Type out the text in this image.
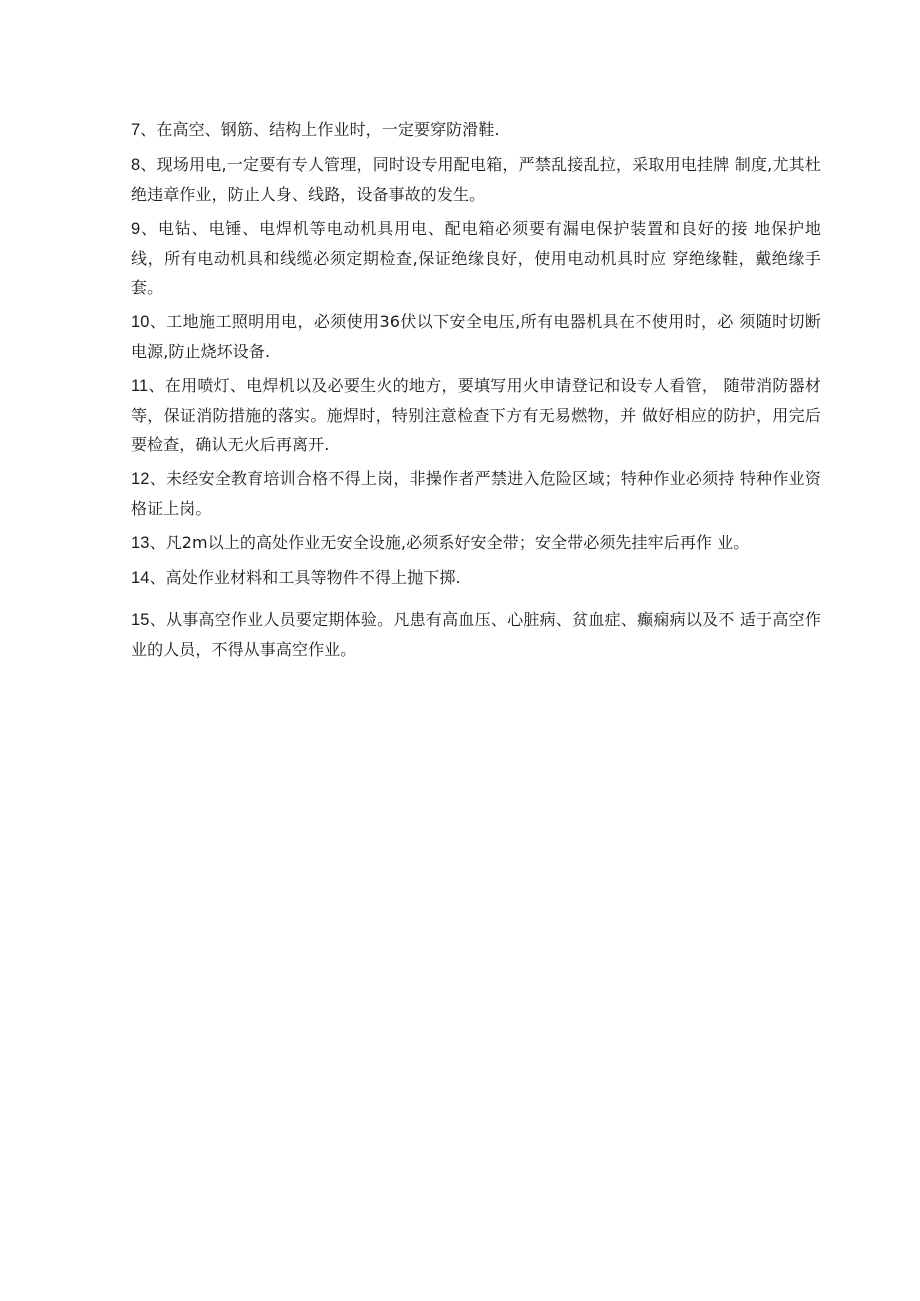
7、在高空、钢筋、结构上作业时，一定要穿防滑鞋.

8、现场用电,一定要有专人管理，同时设专用配电箱，严禁乱接乱拉，采取用电挂牌 制度,尤其杜绝违章作业，防止人身、线路，设备事故的发生。

9、电钻、电锤、电焊机等电动机具用电、配电箱必须要有漏电保护装置和良好的接 地保护地线，所有电动机具和线缆必须定期检查,保证绝缘良好，使用电动机具时应 穿绝缘鞋，戴绝缘手套。

10、工地施工照明用电，必须使用36伏以下安全电压,所有电器机具在不使用时，必 须随时切断电源,防止烧坏设备.

11、在用喷灯、电焊机以及必要生火的地方，要填写用火申请登记和设专人看管， 随带消防器材等，保证消防措施的落实。施焊时，特别注意检查下方有无易燃物，并 做好相应的防护，用完后要检查，确认无火后再离开.

12、未经安全教育培训合格不得上岗，非操作者严禁进入危险区域；特种作业必须持 特种作业资格证上岗。

13、凡2m以上的高处作业无安全设施,必须系好安全带；安全带必须先挂牢后再作 业。

14、高处作业材料和工具等物件不得上抛下掷.

15、从事高空作业人员要定期体验。凡患有高血压、心脏病、贫血症、癫痫病以及不 适于高空作业的人员，不得从事高空作业。
